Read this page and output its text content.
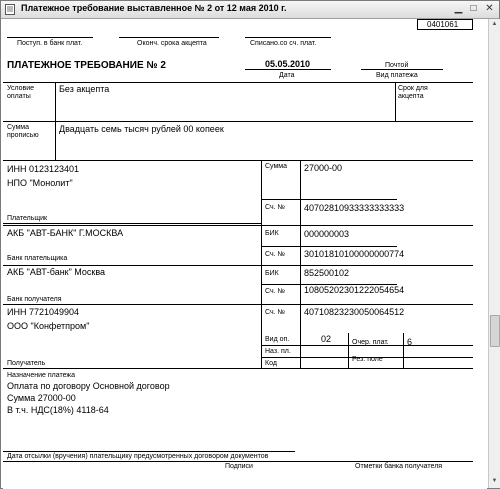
Платежное требование выставленное № 2 от 12 мая 2010 г.	▁ □ ✕
0401061
Поступ. в банк плат.	Оконч. срока акцепта	Списано.со сч. плат.
ПЛАТЕЖНОЕ ТРЕБОВАНИЕ № 2	05.05.2010
Дата
Почтой
Вид платежа
Условие
оплаты
Без акцепта	Срок для
акцепта
Сумма
прописью
Двадцать семь тысяч рублей 00 копеек
ИНН 0123123401
НПО "Монолит"
Плательщик
Сумма 27000-00
Сч. № 40702810933333333333
АКБ "АВТ-БАНК" Г.МОСКВА
Банк плательщика
БИК	000000003
Сч. № 30101810100000000774
АКБ "АВТ-банк" Москва
Банк получателя
БИК	852500102
Сч. № 10805202301222054654
ИНН 7721049904
ООО "Конфетпром"
Получатель
Сч. № 40710823230050064512
Вид оп.	02	Очер. плат. 6
Наз. пл.
Код
Рез. поле
Назначение платежа
Оплата по договору Основной договор
Сумма 27000-00
В т.ч. НДС(18%) 4118-64
Дата отсылки (вручения) плательщику предусмотренных договором документов
Подписи	Отметки банка получателя
▲
▼
